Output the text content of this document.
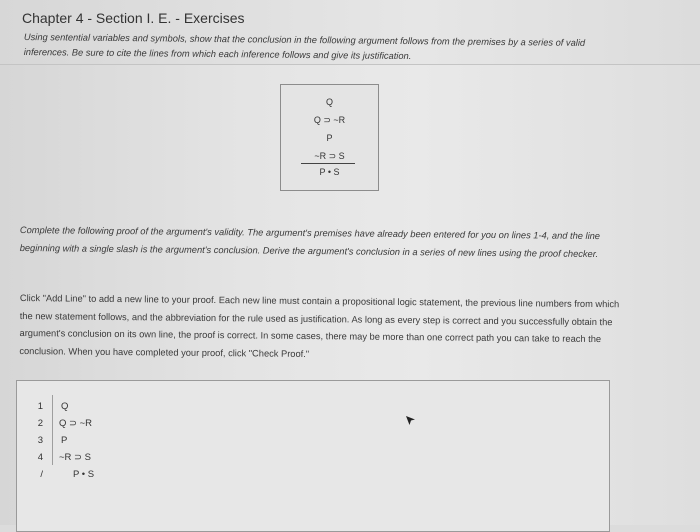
Chapter 4 - Section I. E. - Exercises
Using sentential variables and symbols, show that the conclusion in the following argument follows from the premises by a series of valid inferences. Be sure to cite the lines from which each inference follows and give its justification.
Q
Q ⊃ ~R
P
~R ⊃ S
P • S
Complete the following proof of the argument's validity. The argument's premises have already been entered for you on lines 1-4, and the line beginning with a single slash is the argument's conclusion. Derive the argument's conclusion in a series of new lines using the proof checker.
Click "Add Line" to add a new line to your proof. Each new line must contain a propositional logic statement, the previous line numbers from which the new statement follows, and the abbreviation for the rule used as justification. As long as every step is correct and you successfully obtain the argument's conclusion on its own line, the proof is correct. In some cases, there may be more than one correct path you can take to reach the conclusion. When you have completed your proof, click "Check Proof."
1 Q
2 Q ⊃ ~R
3 P
4 ~R ⊃ S
/	P • S
